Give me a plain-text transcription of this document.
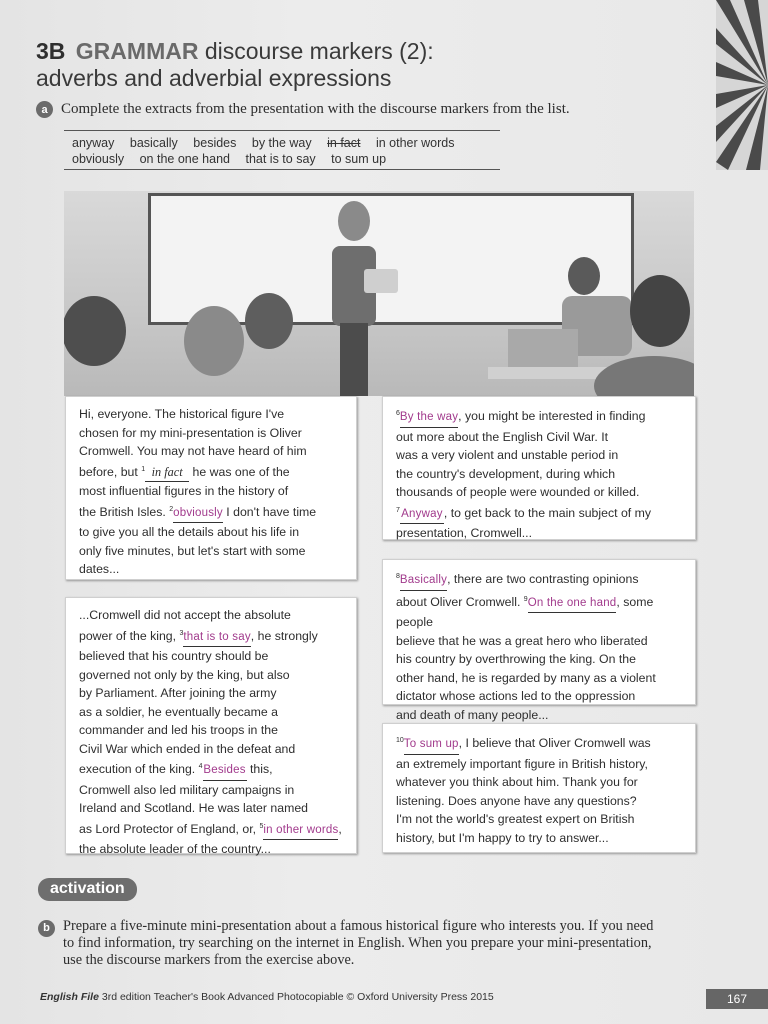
3B GRAMMAR discourse markers (2):
adverbs and adverbial expressions
a Complete the extracts from the presentation with the discourse markers from the list.
anyway basically besides by the way in fact in other words
obviously on the one hand that is to say to sum up
Hi, everyone. The historical figure I've
chosen for my mini-presentation is Oliver
Cromwell. You may not have heard of him
before, but $^1$ in fact he was one of the
most influential figures in the history of
the British Isles. $^2$obviously I don't have time
to give you all the details about his life in
only five minutes, but let's start with some
dates...
...Cromwell did not accept the absolute
power of the king, $^3$that is to say, he strongly
believed that his country should be
governed not only by the king, but also
by Parliament. After joining the army
as a soldier, he eventually became a
commander and led his troops in the
Civil War which ended in the defeat and
execution of the king. $^4$Besides this,
Cromwell also led military campaigns in
Ireland and Scotland. He was later named
as Lord Protector of England, or, $^5$in other words,
the absolute leader of the country...
$^6$By the way, you might be interested in finding
out more about the English Civil War. It
was a very violent and unstable period in
the country's development, during which
thousands of people were wounded or killed.
$^7$Anyway, to get back to the main subject of my
presentation, Cromwell...
$^8$Basically, there are two contrasting opinions
about Oliver Cromwell. $^9$On the one hand, some people
believe that he was a great hero who liberated
his country by overthrowing the king. On the
other hand, he is regarded by many as a violent
dictator whose actions led to the oppression
and death of many people...
$^{10}$To sum up, I believe that Oliver Cromwell was
an extremely important figure in British history,
whatever you think about him. Thank you for
listening. Does anyone have any questions?
I'm not the world's greatest expert on British
history, but I'm happy to try to answer...
activation
b Prepare a five-minute mini-presentation about a famous historical figure who interests you. If you need to find information, try searching on the internet in English. When you prepare your mini-presentation, use the discourse markers from the exercise above.
English File 3rd edition Teacher's Book Advanced Photocopiable © Oxford University Press 2015	167
